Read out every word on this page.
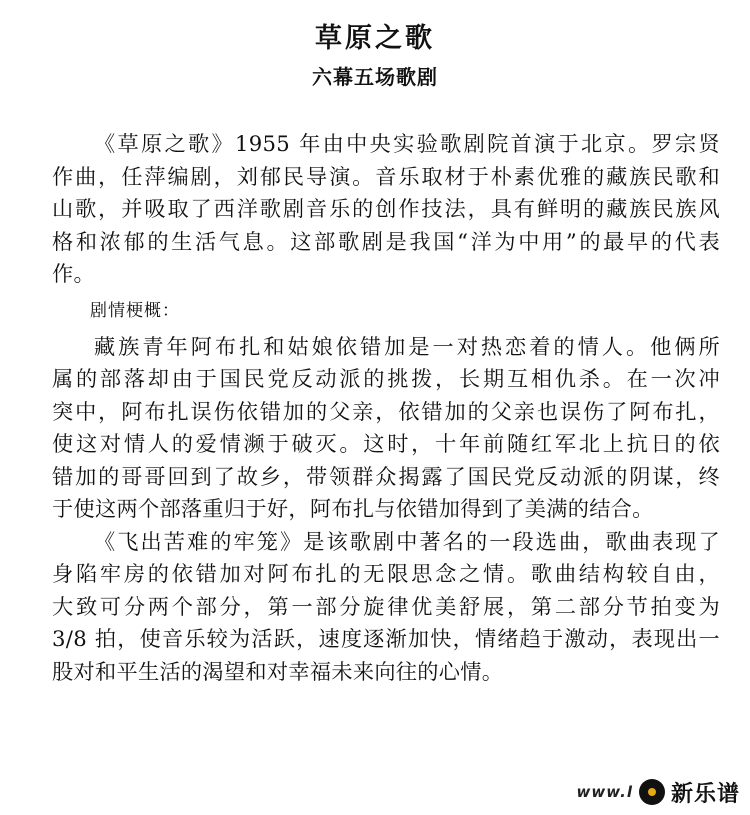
草原之歌
六幕五场歌剧
《草原之歌》1955 年由中央实验歌剧院首演于北京。罗宗贤
作曲，任萍编剧，刘郁民导演。音乐取材于朴素优雅的藏族民歌和
山歌，并吸取了西洋歌剧音乐的创作技法，具有鲜明的藏族民族风
格和浓郁的生活气息。这部歌剧是我国“洋为中用”的最早的代表
作。
剧情梗概：
藏族青年阿布扎和姑娘依错加是一对热恋着的情人。他俩所
属的部落却由于国民党反动派的挑拨，长期互相仇杀。在一次冲
突中，阿布扎误伤依错加的父亲，依错加的父亲也误伤了阿布扎，
使这对情人的爱情濒于破灭。这时，十年前随红军北上抗日的依
错加的哥哥回到了故乡，带领群众揭露了国民党反动派的阴谋，终
于使这两个部落重归于好，阿布扎与依错加得到了美满的结合。
《飞出苦难的牢笼》是该歌剧中著名的一段选曲，歌曲表现了
身陷牢房的依错加对阿布扎的无限思念之情。歌曲结构较自由，
大致可分两个部分，第一部分旋律优美舒展，第二部分节拍变为
3/8 拍，使音乐较为活跃，速度逐渐加快，情绪趋于激动，表现出一
股对和平生活的渴望和对幸福未来向往的心情。
www.l 新乐谱
